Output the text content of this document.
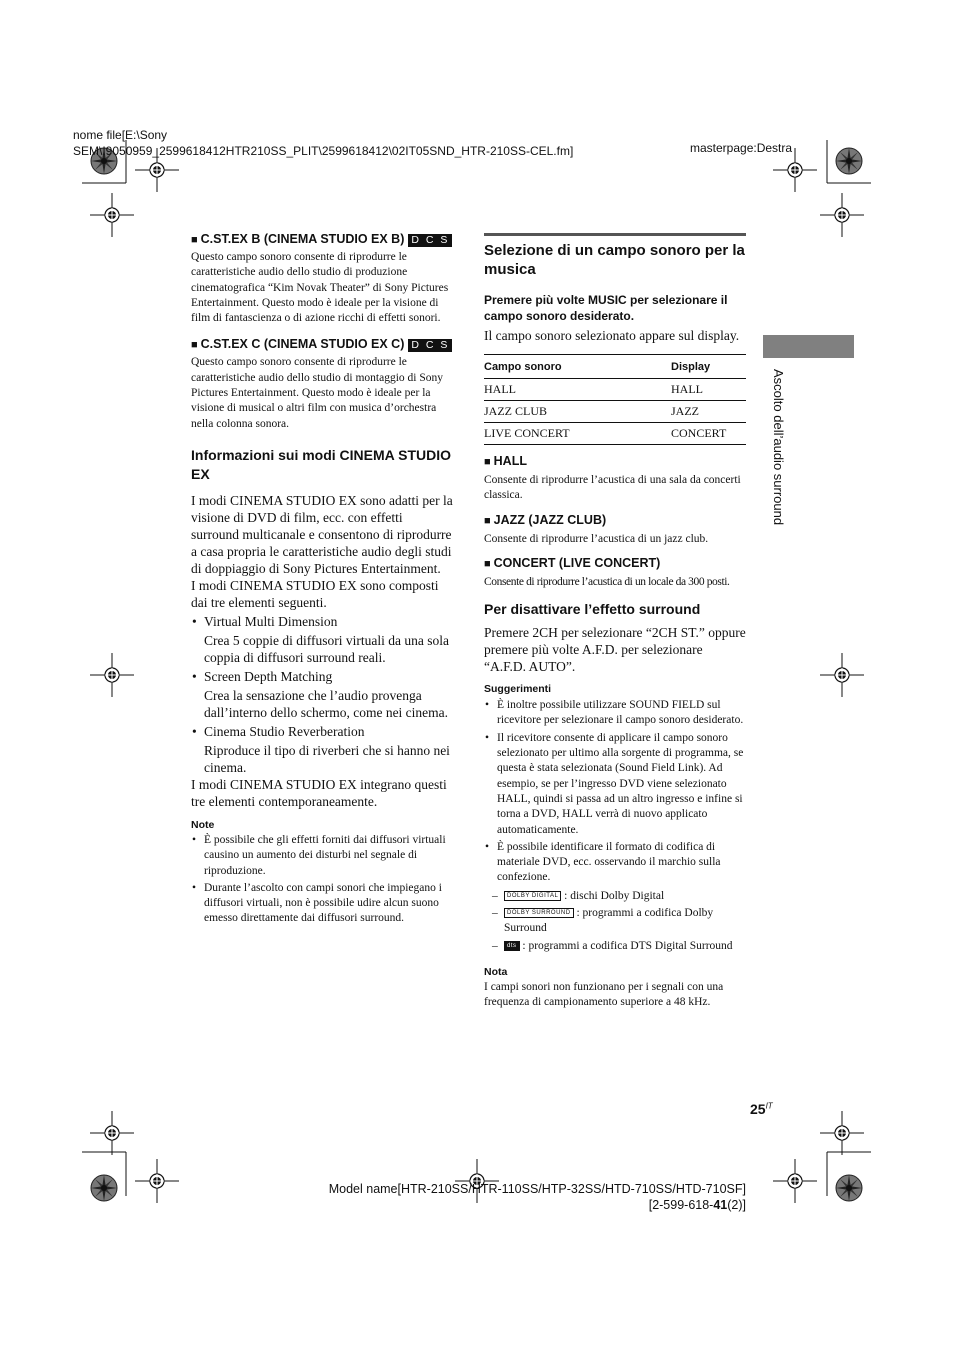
nome file[E:\Sony
SEM\I9050959_2599618412HTR210SS_PLIT\2599618412\02IT05SND_HTR-210SS-CEL.fm]	masterpage:Destra
■ C.ST.EX B (CINEMA STUDIO EX B) D C S
Questo campo sonoro consente di riprodurre le caratteristiche audio dello studio di produzione cinematografica “Kim Novak Theater” di Sony Pictures Entertainment. Questo modo è ideale per la visione di film di fantascienza o di azione ricchi di effetti sonori.
■ C.ST.EX C (CINEMA STUDIO EX C) D C S
Questo campo sonoro consente di riprodurre le caratteristiche audio dello studio di montaggio di Sony Pictures Entertainment. Questo modo è ideale per la visione di musical o altri film con musica d’orchestra nella colonna sonora.
Informazioni sui modi CINEMA STUDIO EX
I modi CINEMA STUDIO EX sono adatti per la visione di DVD di film, ecc. con effetti surround multicanale e consentono di riprodurre a casa propria le caratteristiche audio degli studi di doppiaggio di Sony Pictures Entertainment.
I modi CINEMA STUDIO EX sono composti dai tre elementi seguenti.
• Virtual Multi Dimension
Crea 5 coppie di diffusori virtuali da una sola coppia di diffusori surround reali.
• Screen Depth Matching
Crea la sensazione che l’audio provenga dall’interno dello schermo, come nei cinema.
• Cinema Studio Reverberation
Riproduce il tipo di riverberi che si hanno nei cinema.
I modi CINEMA STUDIO EX integrano questi tre elementi contemporaneamente.
Note
• È possibile che gli effetti forniti dai diffusori virtuali causino un aumento dei disturbi nel segnale di riproduzione.
• Durante l’ascolto con campi sonori che impiegano i diffusori virtuali, non è possibile udire alcun suono emesso direttamente dai diffusori surround.
Selezione di un campo sonoro per la musica
Premere più volte MUSIC per selezionare il campo sonoro desiderato.
Il campo sonoro selezionato appare sul display.
Campo sonoro	Display
HALL	HALL
JAZZ CLUB	JAZZ
LIVE CONCERT	CONCERT
■ HALL
Consente di riprodurre l’acustica di una sala da concerti classica.
■ JAZZ (JAZZ CLUB)
Consente di riprodurre l’acustica di un jazz club.
■ CONCERT (LIVE CONCERT)
Consente di riprodurre l’acustica di un locale da 300 posti.
Per disattivare l’effetto surround
Premere 2CH per selezionare “2CH ST.” oppure premere più volte A.F.D. per selezionare “A.F.D. AUTO”.
Suggerimenti
• È inoltre possibile utilizzare SOUND FIELD sul ricevitore per selezionare il campo sonoro desiderato.
• Il ricevitore consente di applicare il campo sonoro selezionato per ultimo alla sorgente di programma, se questa è stata selezionata (Sound Field Link). Ad esempio, se per l’ingresso DVD viene selezionato HALL, quindi si passa ad un altro ingresso e infine si torna a DVD, HALL verrà di nuovo applicato automaticamente.
• È possibile identificare il formato di codifica di materiale DVD, ecc. osservando il marchio sulla confezione.
– DOLBY DIGITAL : dischi Dolby Digital
– DOLBY SURROUND : programmi a codifica Dolby Surround
– dts : programmi a codifica DTS Digital Surround
Nota
I campi sonori non funzionano per i segnali con una frequenza di campionamento superiore a 48 kHz.
Ascolto dell’audio surround
$25^{IT}$
Model name[HTR-210SS/HTR-110SS/HTP-32SS/HTD-710SS/HTD-710SF]
[2-599-618-41(2)]
